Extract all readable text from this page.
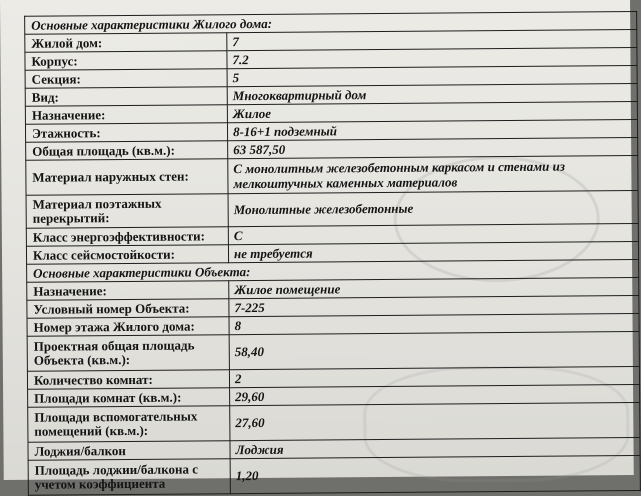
Основные характеристики Жилого дома:	
Жилой дом:	7
Корпус:	7.2
Секция:	5
Вид:	Многоквартирный дом
Назначение:	Жилое
Этажность:	8-16+1 подземный
Общая площадь (кв.м.):	63 587,50
Материал наружных стен:	С монолитным железобетонным каркасом и стенами из мелкоштучных каменных материалов
Материал поэтажных перекрытий:	Монолитные железобетонные
Класс энергоэффективности:	С
Класс сейсмостойкости:	не требуется
Основные характеристики Объекта:	
Назначение:	Жилое помещение
Условный номер Объекта:	7-225
Номер этажа Жилого дома:	8
Проектная общая площадь Объекта (кв.м.):	58,40
Количество комнат:	2
Площади комнат (кв.м.):	29,60
Площади вспомогательных помещений (кв.м.):	27,60
Лоджия/балкон	Лоджия
Площадь лоджии/балкона с учетом коэффициента	1,20
